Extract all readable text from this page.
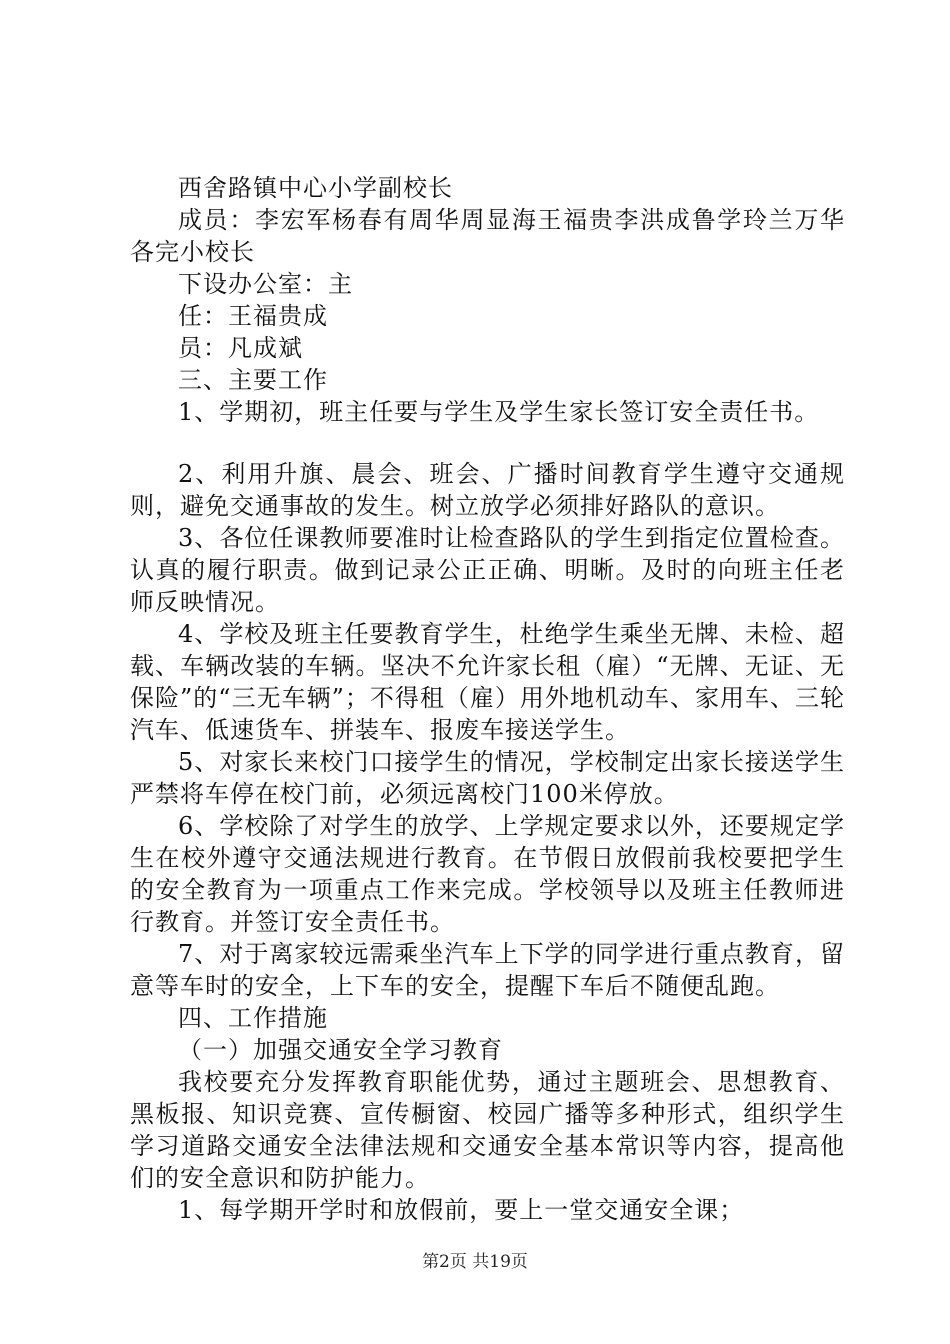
西舍路镇中心小学副校长

成员：李宏军杨春有周华周显海王福贵李洪成鲁学玲兰万华各完小校长

下设办公室：主

任：王福贵成

员：凡成斌

三、主要工作

1、学期初，班主任要与学生及学生家长签订安全责任书。

2、利用升旗、晨会、班会、广播时间教育学生遵守交通规则，避免交通事故的发生。树立放学必须排好路队的意识。

3、各位任课教师要准时让检查路队的学生到指定位置检查。认真的履行职责。做到记录公正正确、明晰。及时的向班主任老师反映情况。

4、学校及班主任要教育学生，杜绝学生乘坐无牌、未检、超载、车辆改装的车辆。坚决不允许家长租（雇）“无牌、无证、无保险”的“三无车辆”；不得租（雇）用外地机动车、家用车、三轮汽车、低速货车、拼装车、报废车接送学生。

5、对家长来校门口接学生的情况，学校制定出家长接送学生严禁将车停在校门前，必须远离校门100米停放。

6、学校除了对学生的放学、上学规定要求以外，还要规定学生在校外遵守交通法规进行教育。在节假日放假前我校要把学生的安全教育为一项重点工作来完成。学校领导以及班主任教师进行教育。并签订安全责任书。

7、对于离家较远需乘坐汽车上下学的同学进行重点教育，留意等车时的安全，上下车的安全，提醒下车后不随便乱跑。

四、工作措施

（一）加强交通安全学习教育

我校要充分发挥教育职能优势，通过主题班会、思想教育、黑板报、知识竞赛、宣传橱窗、校园广播等多种形式，组织学生学习道路交通安全法律法规和交通安全基本常识等内容，提高他们的安全意识和防护能力。

1、每学期开学时和放假前，要上一堂交通安全课；

第2页 共19页
